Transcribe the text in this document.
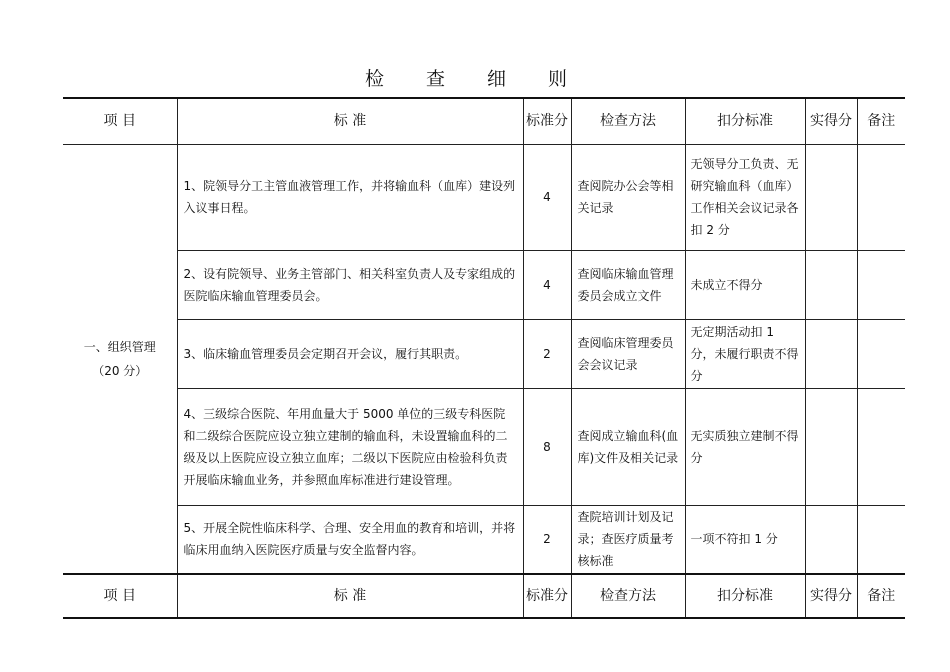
检 查 细 则
项 目	标 准	标准分	检查方法	扣分标准	实得分	备注

一、组织管理
（20 分）	1、院领导分工主管血液管理工作，并将输血科（血库）建设列入议事日程。	4	查阅院办公会等相关记录	无领导分工负责、无研究输血科（血库）工作相关会议记录各扣 2 分		
	2、设有院领导、业务主管部门、相关科室负责人及专家组成的医院临床输血管理委员会。	4	查阅临床输血管理委员会成立文件	未成立不得分		
	3、临床输血管理委员会定期召开会议，履行其职责。	2	查阅临床管理委员会会议记录	无定期活动扣 1 分，未履行职责不得分		
	4、三级综合医院、年用血量大于 5000 单位的三级专科医院和二级综合医院应设立独立建制的输血科，未设置输血科的二级及以上医院应设立独立血库；二级以下医院应由检验科负责开展临床输血业务，并参照血库标准进行建设管理。	8	查阅成立输血科(血库)文件及相关记录	无实质独立建制不得分		
	5、开展全院性临床科学、合理、安全用血的教育和培训，并将临床用血纳入医院医疗质量与安全监督内容。	2	查院培训计划及记录；查医疗质量考核标准	一项不符扣 1 分		
项 目	标 准	标准分	检查方法	扣分标准	实得分	备注
